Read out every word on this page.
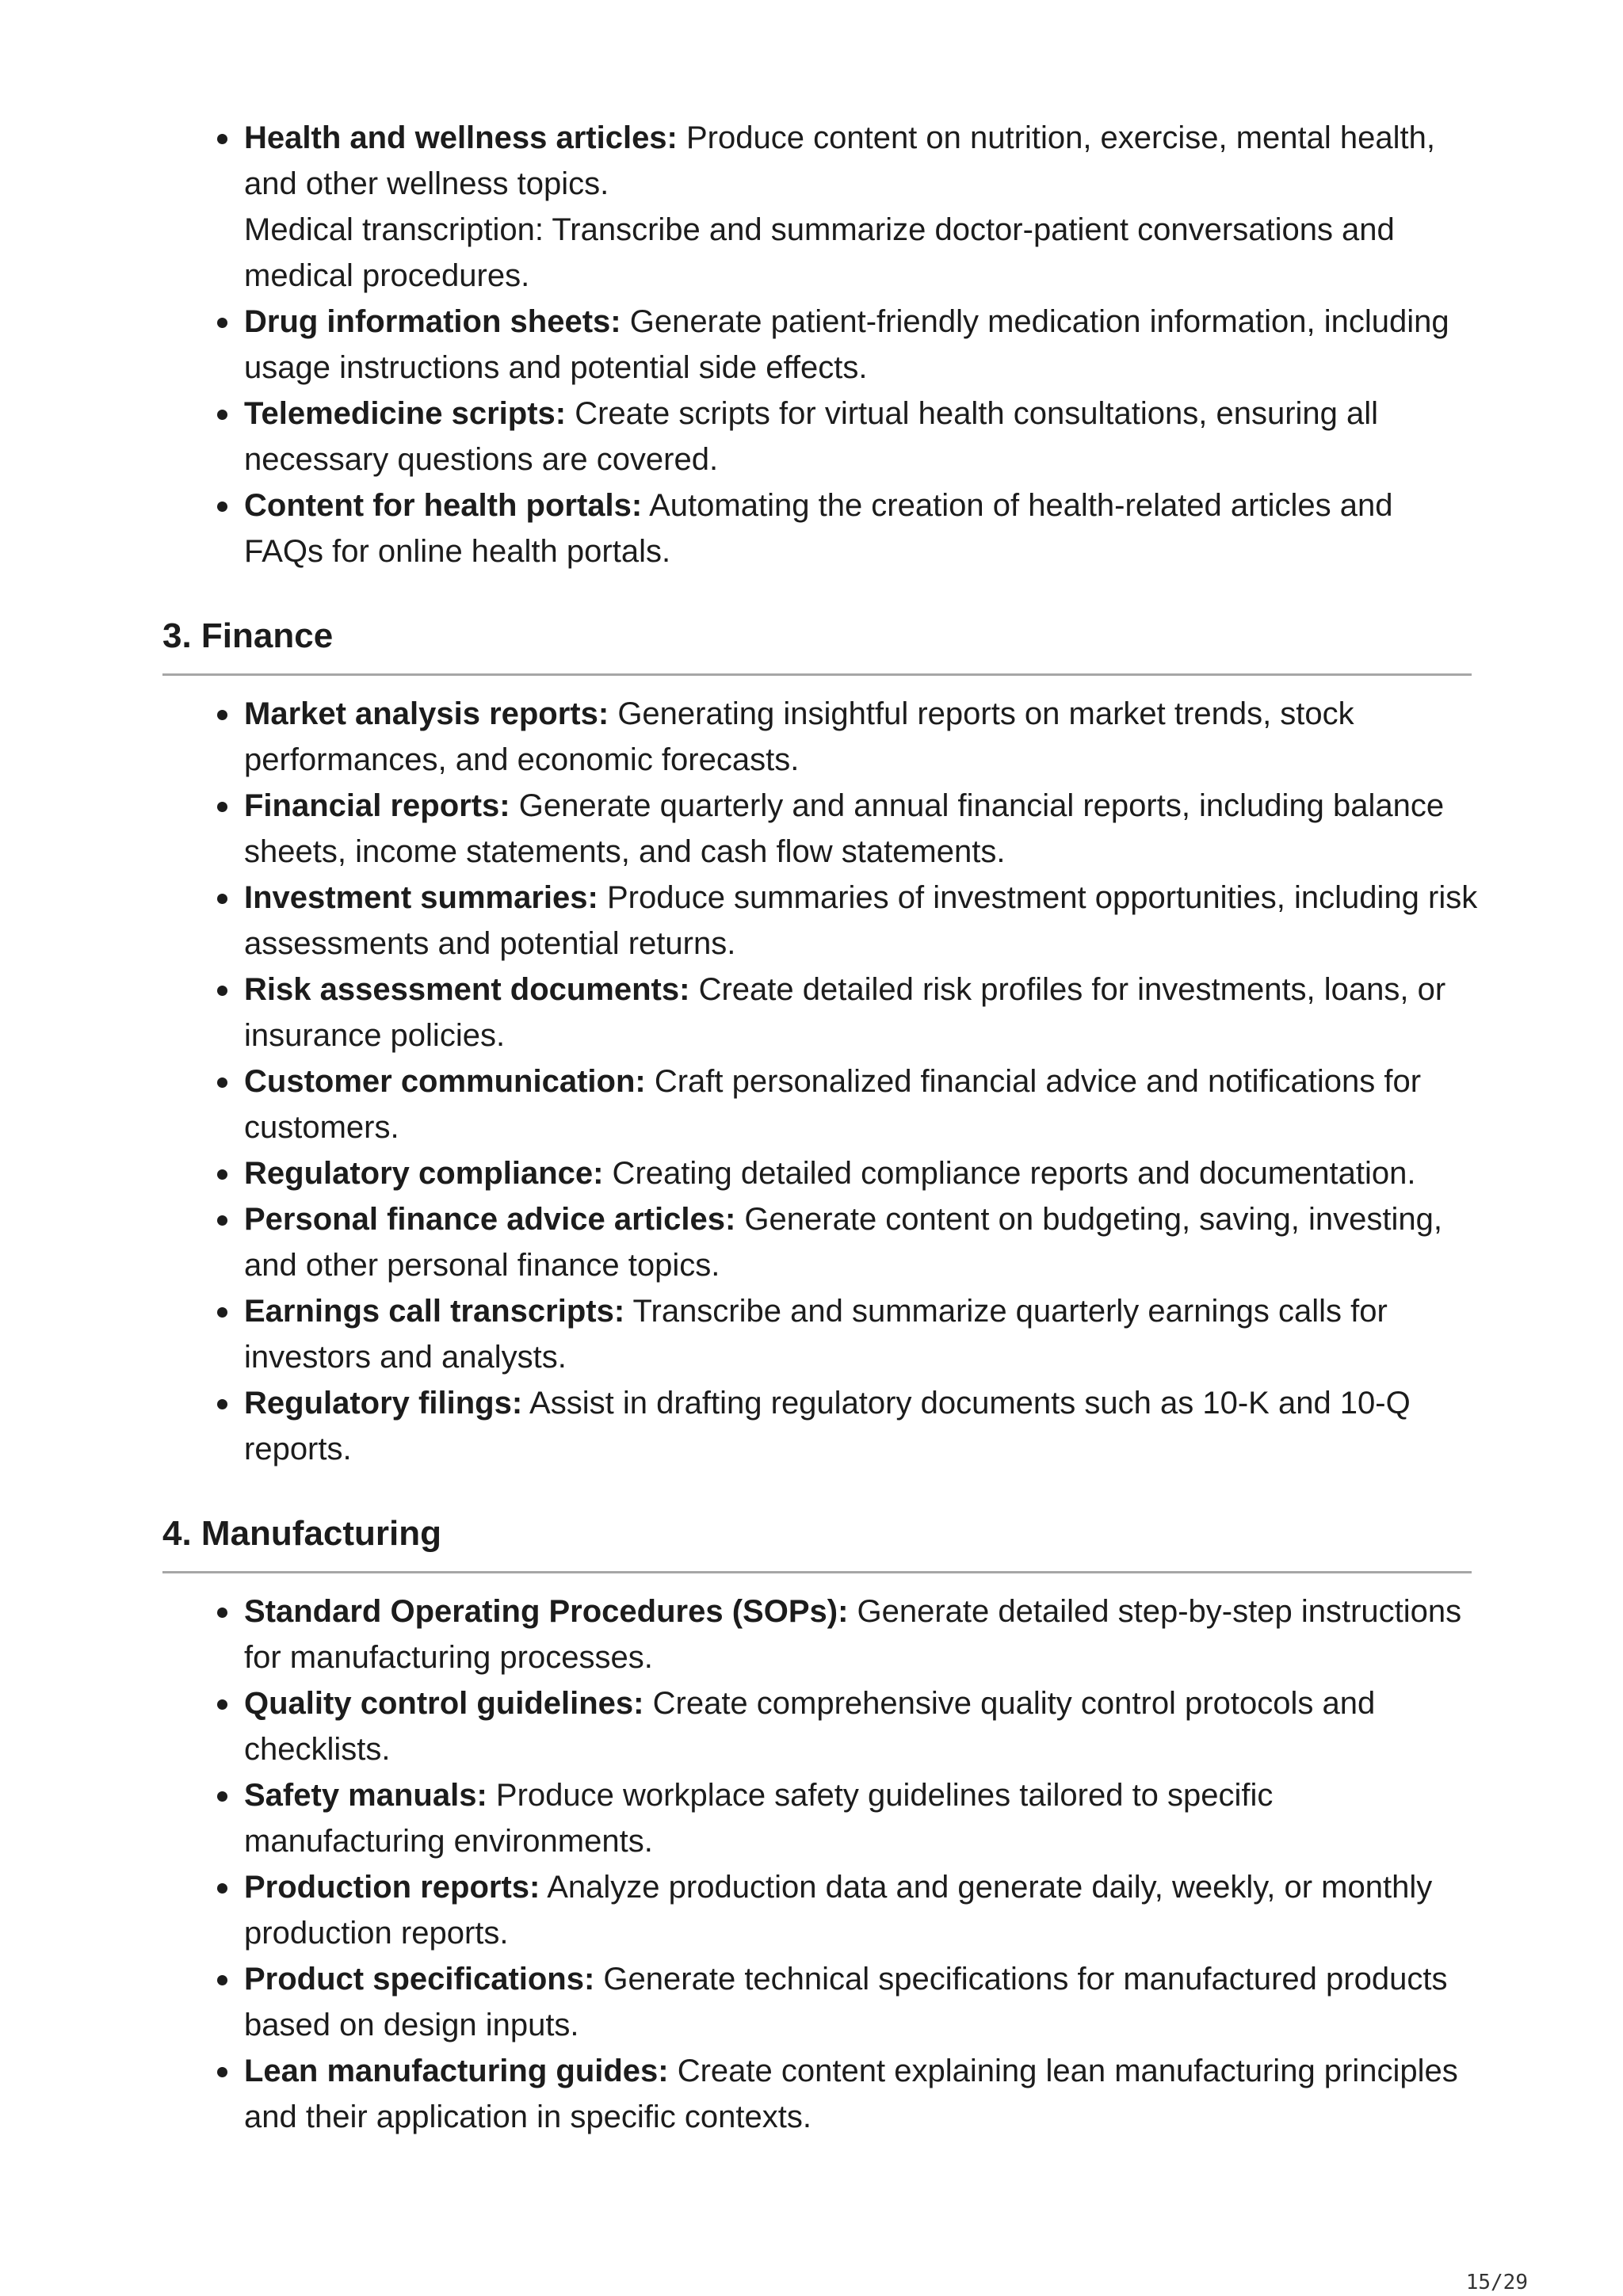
Health and wellness articles: Produce content on nutrition, exercise, mental health, and other wellness topics.
Medical transcription: Transcribe and summarize doctor-patient conversations and medical procedures.
Drug information sheets: Generate patient-friendly medication information, including usage instructions and potential side effects.
Telemedicine scripts: Create scripts for virtual health consultations, ensuring all necessary questions are covered.
Content for health portals: Automating the creation of health-related articles and FAQs for online health portals.
3. Finance
Market analysis reports: Generating insightful reports on market trends, stock performances, and economic forecasts.
Financial reports: Generate quarterly and annual financial reports, including balance sheets, income statements, and cash flow statements.
Investment summaries: Produce summaries of investment opportunities, including risk assessments and potential returns.
Risk assessment documents: Create detailed risk profiles for investments, loans, or insurance policies.
Customer communication: Craft personalized financial advice and notifications for customers.
Regulatory compliance: Creating detailed compliance reports and documentation.
Personal finance advice articles: Generate content on budgeting, saving, investing, and other personal finance topics.
Earnings call transcripts: Transcribe and summarize quarterly earnings calls for investors and analysts.
Regulatory filings: Assist in drafting regulatory documents such as 10-K and 10-Q reports.
4. Manufacturing
Standard Operating Procedures (SOPs): Generate detailed step-by-step instructions for manufacturing processes.
Quality control guidelines: Create comprehensive quality control protocols and checklists.
Safety manuals: Produce workplace safety guidelines tailored to specific manufacturing environments.
Production reports: Analyze production data and generate daily, weekly, or monthly production reports.
Product specifications: Generate technical specifications for manufactured products based on design inputs.
Lean manufacturing guides: Create content explaining lean manufacturing principles and their application in specific contexts.
15/29
